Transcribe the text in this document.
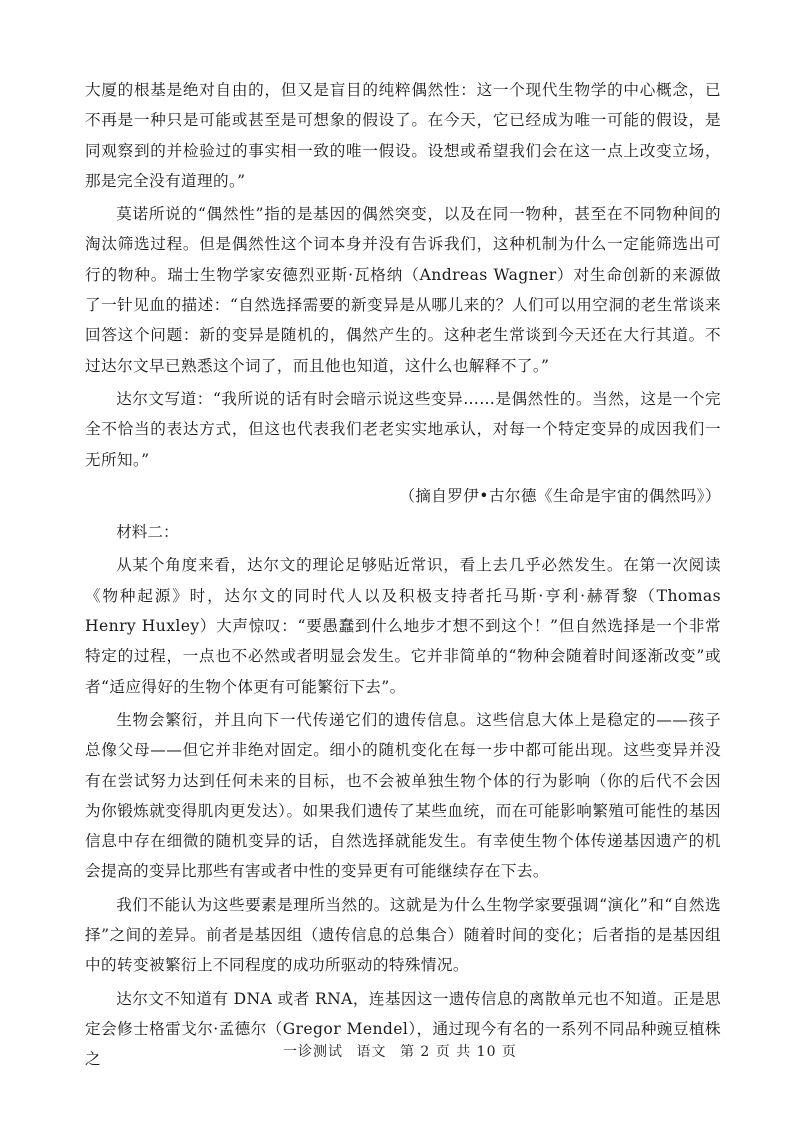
大厦的根基是绝对自由的，但又是盲目的纯粹偶然性：这一个现代生物学的中心概念，已不再是一种只是可能或甚至是可想象的假设了。在今天，它已经成为唯一可能的假设，是同观察到的并检验过的事实相一致的唯一假设。设想或希望我们会在这一点上改变立场，那是完全没有道理的。”

莫诺所说的“偶然性”指的是基因的偶然突变，以及在同一物种，甚至在不同物种间的淘汰筛选过程。但是偶然性这个词本身并没有告诉我们，这种机制为什么一定能筛选出可行的物种。瑞士生物学家安德烈亚斯·瓦格纳（Andreas Wagner）对生命创新的来源做了一针见血的描述：“自然选择需要的新变异是从哪儿来的？人们可以用空洞的老生常谈来回答这个问题：新的变异是随机的，偶然产生的。这种老生常谈到今天还在大行其道。不过达尔文早已熟悉这个词了，而且他也知道，这什么也解释不了。”

达尔文写道：“我所说的话有时会暗示说这些变异……是偶然性的。当然，这是一个完全不恰当的表达方式，但这也代表我们老老实实地承认，对每一个特定变异的成因我们一无所知。”

（摘自罗伊•古尔德《生命是宇宙的偶然吗》）

材料二：

从某个角度来看，达尔文的理论足够贴近常识，看上去几乎必然发生。在第一次阅读《物种起源》时，达尔文的同时代人以及积极支持者托马斯·亨利·赫胥黎（Thomas Henry Huxley）大声惊叹：“要愚蠢到什么地步才想不到这个！”但自然选择是一个非常特定的过程，一点也不必然或者明显会发生。它并非简单的“物种会随着时间逐渐改变”或者“适应得好的生物个体更有可能繁衍下去”。

生物会繁衍，并且向下一代传递它们的遗传信息。这些信息大体上是稳定的——孩子总像父母——但它并非绝对固定。细小的随机变化在每一步中都可能出现。这些变异并没有在尝试努力达到任何未来的目标，也不会被单独生物个体的行为影响（你的后代不会因为你锻炼就变得肌肉更发达）。如果我们遗传了某些血统，而在可能影响繁殖可能性的基因信息中存在细微的随机变异的话，自然选择就能发生。有幸使生物个体传递基因遗产的机会提高的变异比那些有害或者中性的变异更有可能继续存在下去。

我们不能认为这些要素是理所当然的。这就是为什么生物学家要强调“演化”和“自然选择”之间的差异。前者是基因组（遗传信息的总集合）随着时间的变化；后者指的是基因组中的转变被繁衍上不同程度的成功所驱动的特殊情况。

达尔文不知道有 DNA 或者 RNA，连基因这一遗传信息的离散单元也不知道。正是思定会修士格雷戈尔·孟德尔（Gregor Mendel），通过现今有名的一系列不同品种豌豆植株之	一诊测试 语文 第 2 页 共 10 页
